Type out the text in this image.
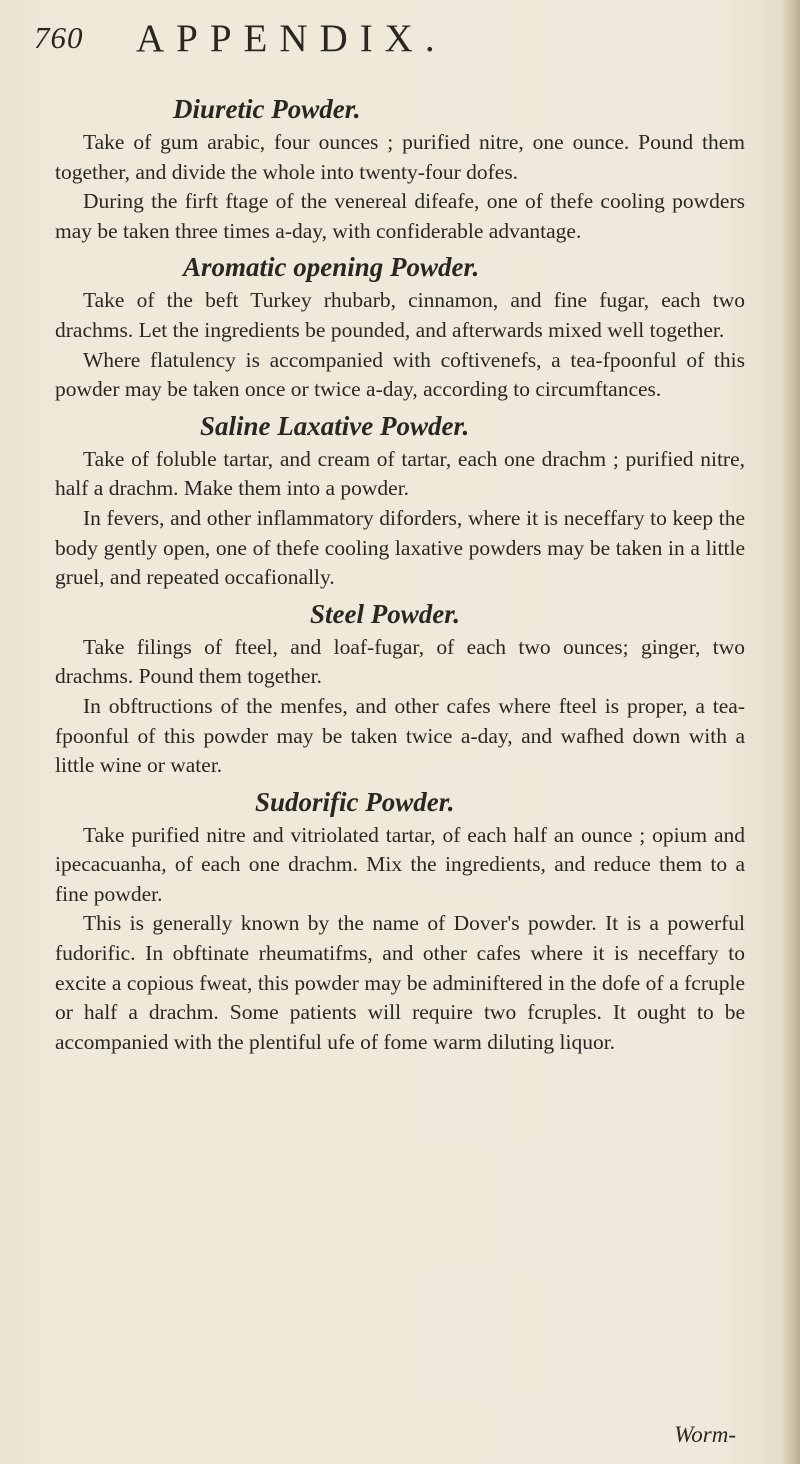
760 APPENDIX.
Diuretic Powder.

Take of gum arabic, four ounces ; purified nitre, one ounce. Pound them together, and divide the whole into twenty-four dofes.

During the firft ftage of the venereal difeafe, one of thefe cooling powders may be taken three times a-day, with confiderable advantage.

Aromatic opening Powder.

Take of the beft Turkey rhubarb, cinnamon, and fine fugar, each two drachms. Let the ingredients be pounded, and afterwards mixed well together.

Where flatulency is accompanied with coftivenefs, a tea-fpoonful of this powder may be taken once or twice a-day, according to circumftances.

Saline Laxative Powder.

Take of foluble tartar, and cream of tartar, each one drachm ; purified nitre, half a drachm. Make them into a powder.

In fevers, and other inflammatory diforders, where it is neceffary to keep the body gently open, one of thefe cooling laxative powders may be taken in a little gruel, and repeated occafionally.

Steel Powder.

Take filings of fteel, and loaf-fugar, of each two ounces; ginger, two drachms. Pound them together.

In obftructions of the menfes, and other cafes where fteel is proper, a tea-fpoonful of this powder may be taken twice a-day, and wafhed down with a little wine or water.

Sudorific Powder.

Take purified nitre and vitriolated tartar, of each half an ounce ; opium and ipecacuanha, of each one drachm. Mix the ingredients, and reduce them to a fine powder.

This is generally known by the name of Dover's powder. It is a powerful fudorific. In obftinate rheumatifms, and other cafes where it is neceffary to excite a copious fweat, this powder may be adminiftered in the dofe of a fcruple or half a drachm. Some patients will require two fcruples. It ought to be accompanied with the plentiful ufe of fome warm diluting liquor.

Worm-
